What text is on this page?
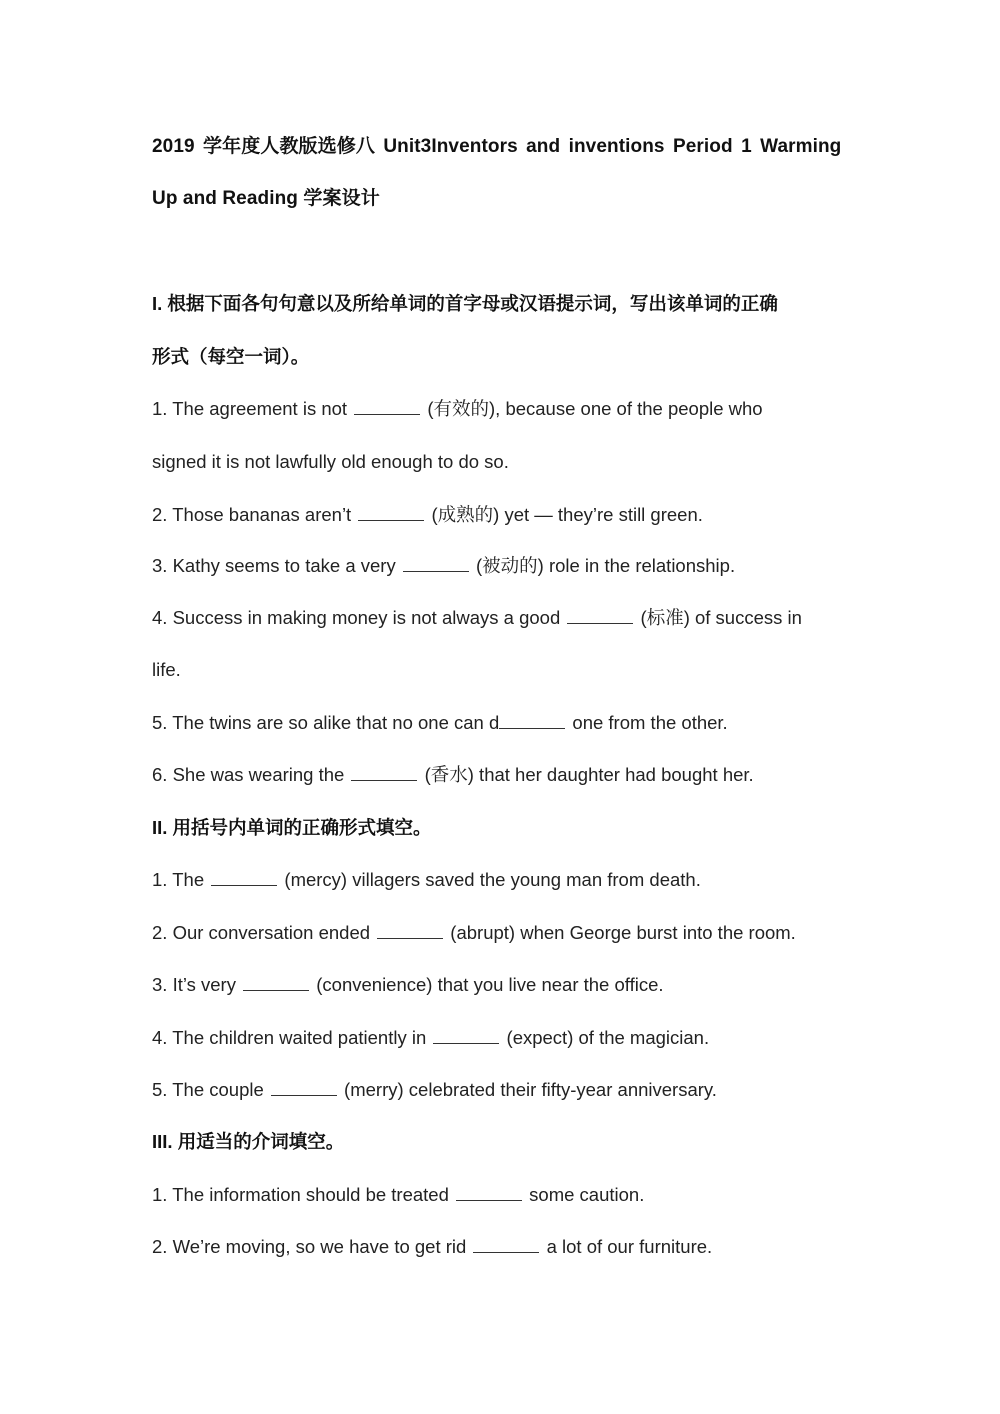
2019 学年度人教版选修八 Unit3Inventors and inventions Period 1 Warming
Up and Reading 学案设计
I. 根据下面各句句意以及所给单词的首字母或汉语提示词，写出该单词的正确
形式（每空一词）。
1. The agreement is not	(有效的), because one of the people who
signed it is not lawfully old enough to do so.
2. Those bananas aren’t	(成熟的) yet — they’re still green.
3. Kathy seems to take a very	(被动的) role in the relationship.
4. Success in making money is not always a good	(标准) of success in
life.
5. The twins are so alike that no one can d	one from the other.
6. She was wearing the	(香水) that her daughter had bought her.
II. 用括号内单词的正确形式填空。
1. The	(mercy) villagers saved the young man from death.
2. Our conversation ended	(abrupt) when George burst into the room.
3. It’s very	(convenience) that you live near the office.
4. The children waited patiently in	(expect) of the magician.
5. The couple	(merry) celebrated their fifty-year anniversary.
III. 用适当的介词填空。
1. The information should be treated	some caution.
2. We’re moving, so we have to get rid	a lot of our furniture.
